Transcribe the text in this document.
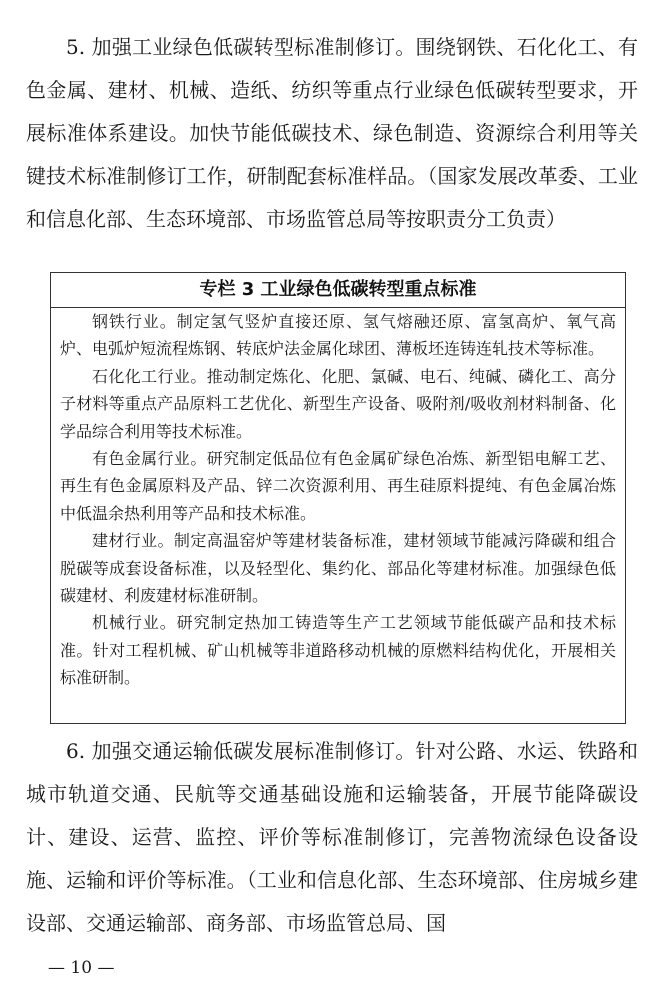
5. 加强工业绿色低碳转型标准制修订。围绕钢铁、石化化工、有色金属、建材、机械、造纸、纺织等重点行业绿色低碳转型要求，开展标准体系建设。加快节能低碳技术、绿色制造、资源综合利用等关键技术标准制修订工作，研制配套标准样品。（国家发展改革委、工业和信息化部、生态环境部、市场监管总局等按职责分工负责）

专栏 3 工业绿色低碳转型重点标准

钢铁行业。制定氢气竖炉直接还原、氢气熔融还原、富氢高炉、氧气高炉、电弧炉短流程炼钢、转底炉法金属化球团、薄板坯连铸连轧技术等标准。

石化化工行业。推动制定炼化、化肥、氯碱、电石、纯碱、磷化工、高分子材料等重点产品原料工艺优化、新型生产设备、吸附剂/吸收剂材料制备、化学品综合利用等技术标准。

有色金属行业。研究制定低品位有色金属矿绿色冶炼、新型铝电解工艺、再生有色金属原料及产品、锌二次资源利用、再生硅原料提纯、有色金属冶炼中低温余热利用等产品和技术标准。

建材行业。制定高温窑炉等建材装备标准，建材领域节能减污降碳和组合脱碳等成套设备标准，以及轻型化、集约化、部品化等建材标准。加强绿色低碳建材、利废建材标准研制。

机械行业。研究制定热加工铸造等生产工艺领域节能低碳产品和技术标准。针对工程机械、矿山机械等非道路移动机械的原燃料结构优化，开展相关标准研制。

6. 加强交通运输低碳发展标准制修订。针对公路、水运、铁路和城市轨道交通、民航等交通基础设施和运输装备，开展节能降碳设计、建设、运营、监控、评价等标准制修订，完善物流绿色设备设施、运输和评价等标准。（工业和信息化部、生态环境部、住房城乡建设部、交通运输部、商务部、市场监管总局、国

— 10 —
